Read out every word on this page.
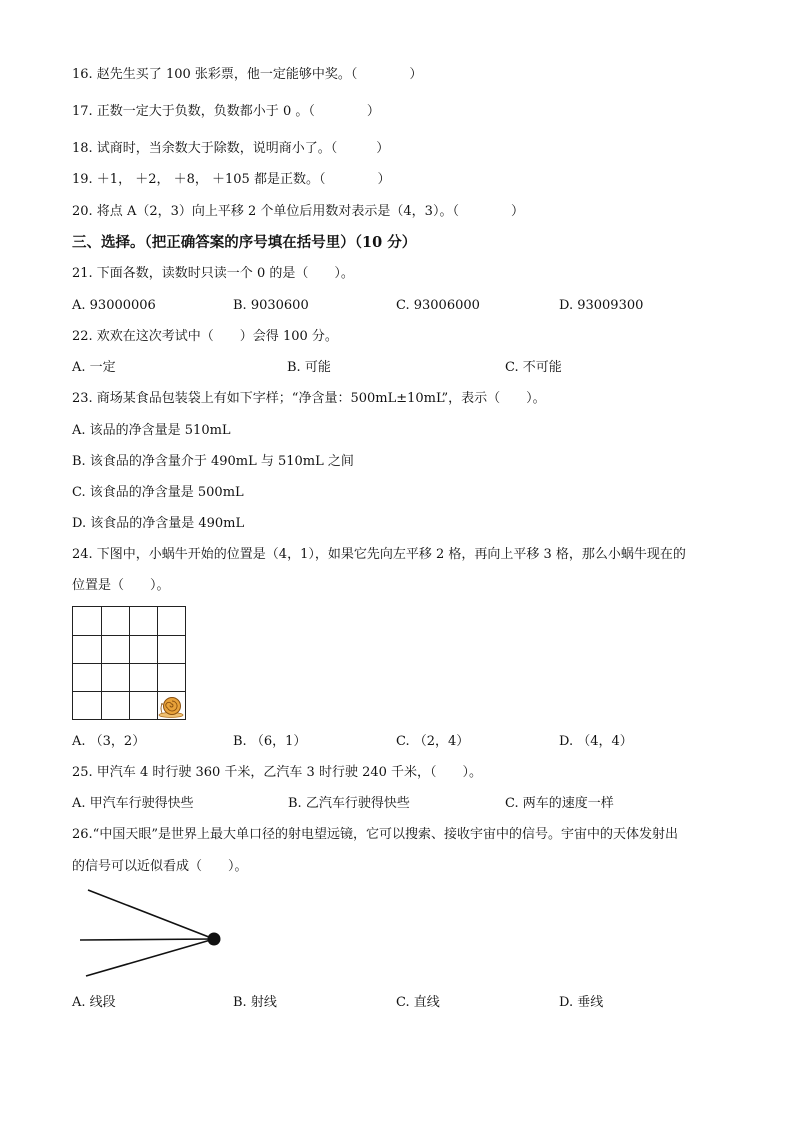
16. 赵先生买了 100 张彩票，他一定能够中奖。（　　　　）
17. 正数一定大于负数，负数都小于 0 。（　　　　）
18. 试商时，当余数大于除数，说明商小了。（　　　）
19. ＋1， ＋2， ＋8， ＋105 都是正数。（　　　　）
20. 将点 A（2，3）向上平移 2 个单位后用数对表示是（4，3）。（　　　　）
三、选择。（把正确答案的序号填在括号里）（10 分）
21. 下面各数，读数时只读一个 0 的是（　　）。
A. 93000006	B. 9030600	C. 93006000	D. 93009300
22. 欢欢在这次考试中（　　）会得 100 分。
A. 一定	B. 可能	C. 不可能
23. 商场某食品包装袋上有如下字样；“净含量：500mL±10mL”，表示（　　）。
A. 该品的净含量是 510mL
B. 该食品的净含量介于 490mL 与 510mL 之间
C. 该食品的净含量是 500mL
D. 该食品的净含量是 490mL
24. 下图中，小蜗牛开始的位置是（4，1），如果它先向左平移 2 格，再向上平移 3 格，那么小蜗牛现在的
位置是（　　）。
A. （3，2）	B. （6，1）	C. （2，4）	D. （4，4）
25. 甲汽车 4 时行驶 360 千米，乙汽车 3 时行驶 240 千米，（　　）。
A. 甲汽车行驶得快些	B. 乙汽车行驶得快些	C. 两车的速度一样
26.“中国天眼”是世界上最大单口径的射电望远镜，它可以搜索、接收宇宙中的信号。宇宙中的天体发射出
的信号可以近似看成（　　）。
A. 线段	B. 射线	C. 直线	D. 垂线
